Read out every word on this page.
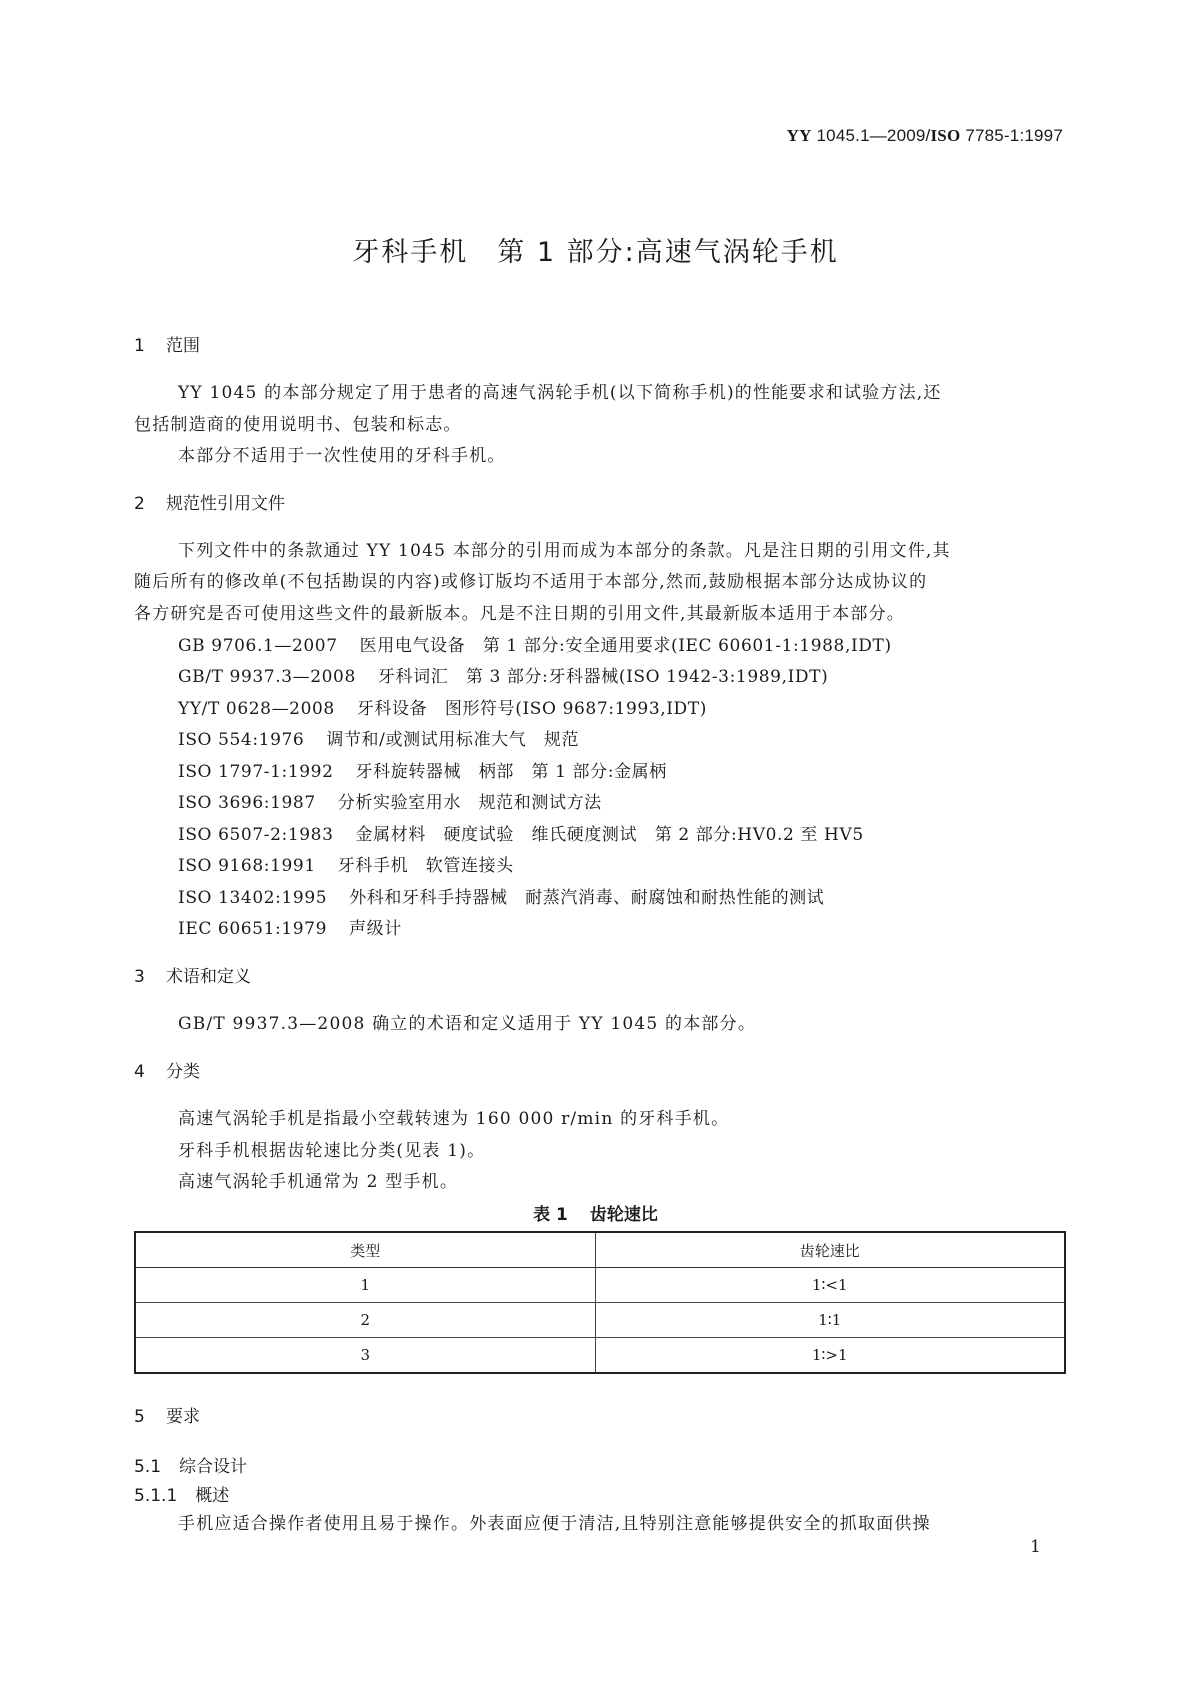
YY 1045.1—2009/ISO 7785-1:1997
牙科手机　第 1 部分:高速气涡轮手机
1 范围
YY 1045 的本部分规定了用于患者的高速气涡轮手机(以下简称手机)的性能要求和试验方法,还
包括制造商的使用说明书、包装和标志。
本部分不适用于一次性使用的牙科手机。
2 规范性引用文件
下列文件中的条款通过 YY 1045 本部分的引用而成为本部分的条款。凡是注日期的引用文件,其
随后所有的修改单(不包括勘误的内容)或修订版均不适用于本部分,然而,鼓励根据本部分达成协议的
各方研究是否可使用这些文件的最新版本。凡是不注日期的引用文件,其最新版本适用于本部分。
GB 9706.1—2007 医用电气设备　第 1 部分:安全通用要求(IEC 60601-1:1988,IDT)
GB/T 9937.3—2008 牙科词汇　第 3 部分:牙科器械(ISO 1942-3:1989,IDT)
YY/T 0628—2008 牙科设备　图形符号(ISO 9687:1993,IDT)
ISO 554:1976 调节和/或测试用标准大气　规范
ISO 1797-1:1992 牙科旋转器械　柄部　第 1 部分:金属柄
ISO 3696:1987 分析实验室用水　规范和测试方法
ISO 6507-2:1983 金属材料　硬度试验　维氏硬度测试　第 2 部分:HV0.2 至 HV5
ISO 9168:1991 牙科手机　软管连接头
ISO 13402:1995 外科和牙科手持器械　耐蒸汽消毒、耐腐蚀和耐热性能的测试
IEC 60651:1979 声级计
3 术语和定义
GB/T 9937.3—2008 确立的术语和定义适用于 YY 1045 的本部分。
4 分类
高速气涡轮手机是指最小空载转速为 160 000 r/min 的牙科手机。
牙科手机根据齿轮速比分类(见表 1)。
高速气涡轮手机通常为 2 型手机。
表 1 齿轮速比
类型	齿轮速比
1	1∶<1
2	1∶1
3	1∶>1
5 要求
5.1 综合设计
5.1.1 概述
手机应适合操作者使用且易于操作。外表面应便于清洁,且特别注意能够提供安全的抓取面供操
1
